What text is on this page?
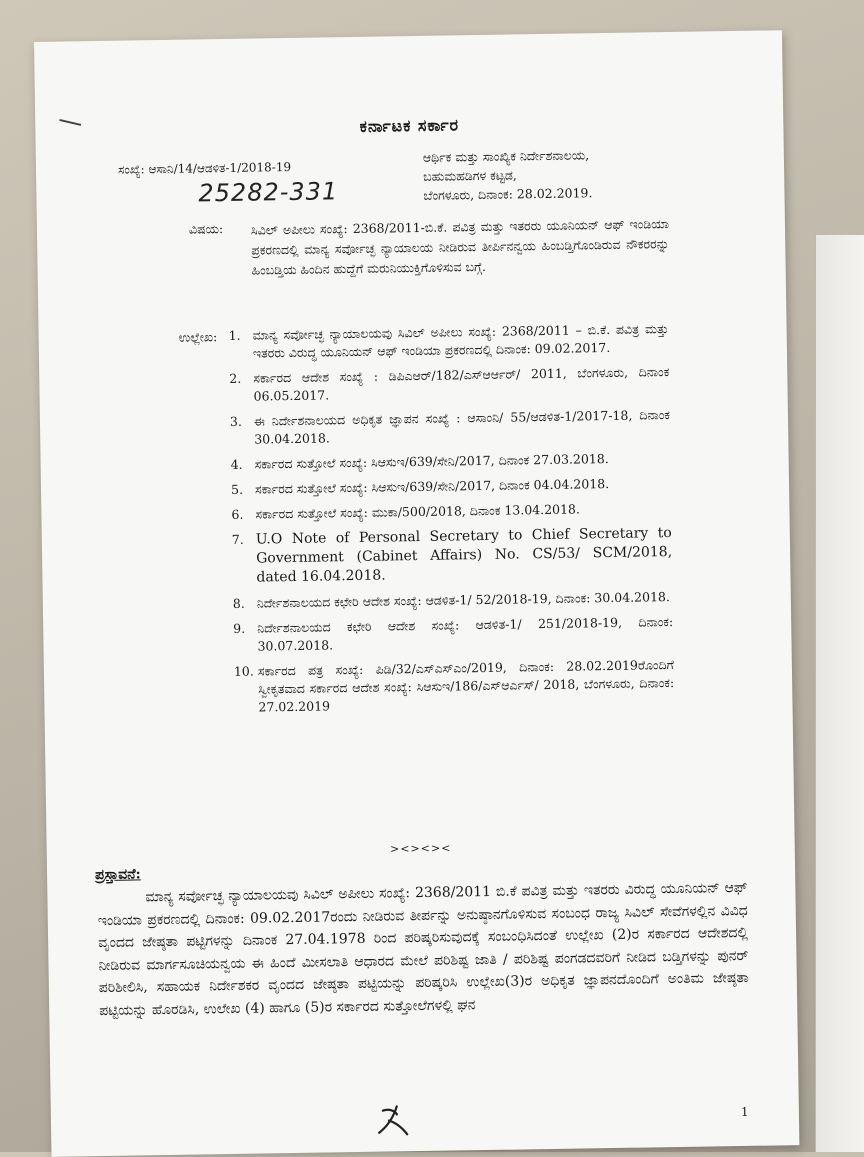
ಕರ್ನಾಟಕ ಸರ್ಕಾರ
ಸಂಖ್ಯೆ: ಆಸಾನಿ/14/ಆಡಳಿತ-1/2018-19
25282-331
ಆರ್ಥಿಕ ಮತ್ತು ಸಾಂಖ್ಯಿಕ ನಿರ್ದೇಶನಾಲಯ,
ಬಹುಮಹಡಿಗಳ ಕಟ್ಟಡ,
ಬೆಂಗಳೂರು, ದಿನಾಂಕ: 28.02.2019.
ವಿಷಯ: ಸಿವಿಲ್ ಅಪೀಲು ಸಂಖ್ಯೆ: 2368/2011-ಬಿ.ಕೆ. ಪವಿತ್ರ ಮತ್ತು ಇತರರು ಯೂನಿಯನ್ ಆಫ್ ಇಂಡಿಯಾ ಪ್ರಕರಣದಲ್ಲಿ ಮಾನ್ಯ ಸರ್ವೋಚ್ಛ ನ್ಯಾಯಾಲಯ ನೀಡಿರುವ ತೀರ್ಪಿನನ್ವಯ ಹಿಂಬಡ್ತಿಗೊಂಡಿರುವ ನೌಕರರನ್ನು ಹಿಂಬಡ್ತಿಯ ಹಿಂದಿನ ಹುದ್ದೆಗೆ ಮರುನಿಯುಕ್ತಿಗೊಳಿಸುವ ಬಗ್ಗೆ.
ಉಲ್ಲೇಖ: 1. ಮಾನ್ಯ ಸರ್ವೋಚ್ಛ ನ್ಯಾಯಾಲಯವು ಸಿವಿಲ್ ಅಪೀಲು ಸಂಖ್ಯೆ: 2368/2011 – ಬಿ.ಕೆ. ಪವಿತ್ರ ಮತ್ತು ಇತರರು ವಿರುದ್ಧ ಯೂನಿಯನ್ ಆಫ್ ಇಂಡಿಯಾ ಪ್ರಕರಣದಲ್ಲಿ ದಿನಾಂಕ: 09.02.2017.
2. ಸರ್ಕಾರದ ಆದೇಶ ಸಂಖ್ಯೆ : ಡಿಪಿಎಆರ್/182/ಎಸ್ಆರ್ಆರ್/ 2011, ಬೆಂಗಳೂರು, ದಿನಾಂಕ 06.05.2017.
3. ಈ ನಿರ್ದೇಶನಾಲಯದ ಅಧಿಕೃತ ಜ್ಞಾಪನ ಸಂಖ್ಯೆ : ಆಸಾಂನಿ/ 55/ಆಡಳಿತ-1/2017-18, ದಿನಾಂಕ 30.04.2018.
4. ಸರ್ಕಾರದ ಸುತ್ತೋಲೆ ಸಂಖ್ಯೆ: ಸಿಆಸುಇ/639/ಸೇನಿ/2017, ದಿನಾಂಕ 27.03.2018.
5. ಸರ್ಕಾರದ ಸುತ್ತೋಲೆ ಸಂಖ್ಯೆ: ಸಿಆಸುಇ/639/ಸೇನಿ/2017, ದಿನಾಂಕ 04.04.2018.
6. ಸರ್ಕಾರದ ಸುತ್ತೋಲೆ ಸಂಖ್ಯೆ: ಮುಕಾ/500/2018, ದಿನಾಂಕ 13.04.2018.
7. U.O Note of Personal Secretary to Chief Secretary to Government (Cabinet Affairs) No. CS/53/ SCM/2018, dated 16.04.2018.
8. ನಿರ್ದೇಶನಾಲಯದ ಕಛೇರಿ ಆದೇಶ ಸಂಖ್ಯೆ: ಆಡಳಿತ-1/ 52/2018-19, ದಿನಾಂಕ: 30.04.2018.
9. ನಿರ್ದೇಶನಾಲಯದ ಕಛೇರಿ ಆದೇಶ ಸಂಖ್ಯೆ: ಆಡಳಿತ-1/ 251/2018-19, ದಿನಾಂಕ: 30.07.2018.
10. ಸರ್ಕಾರದ ಪತ್ರ ಸಂಖ್ಯೆ: ಪಿಡಿ/32/ಎಸ್ಎಸ್ಎಂ/2019, ದಿನಾಂಕ: 28.02.2019ರೊಂದಿಗೆ ಸ್ವೀಕೃತವಾದ ಸರ್ಕಾರದ ಆದೇಶ ಸಂಖ್ಯೆ: ಸಿಆಸುಇ/186/ಎಸ್ಆರ್ಎಸ್/ 2018, ಬೆಂಗಳೂರು, ದಿನಾಂಕ: 27.02.2019
><><><
ಪ್ರಸ್ತಾವನೆ:
ಮಾನ್ಯ ಸರ್ವೋಚ್ಛ ನ್ಯಾಯಾಲಯವು ಸಿವಿಲ್ ಅಪೀಲು ಸಂಖ್ಯೆ: 2368/2011 ಬಿ.ಕೆ ಪವಿತ್ರ ಮತ್ತು ಇತರರು ವಿರುದ್ಧ ಯೂನಿಯನ್ ಆಫ್ ಇಂಡಿಯಾ ಪ್ರಕರಣದಲ್ಲಿ ದಿನಾಂಕ: 09.02.2017ರಂದು ನೀಡಿರುವ ತೀರ್ಪನ್ನು ಅನುಷ್ಠಾನಗೊಳಿಸುವ ಸಂಬಂಧ ರಾಜ್ಯ ಸಿವಿಲ್ ಸೇವೆಗಳಲ್ಲಿನ ವಿವಿಧ ವೃಂದದ ಜೇಷ್ಠತಾ ಪಟ್ಟಿಗಳನ್ನು ದಿನಾಂಕ 27.04.1978 ರಿಂದ ಪರಿಷ್ಕರಿಸುವುದಕ್ಕೆ ಸಂಬಂಧಿಸಿದಂತೆ ಉಲ್ಲೇಖ (2)ರ ಸರ್ಕಾರದ ಆದೇಶದಲ್ಲಿ ನೀಡಿರುವ ಮಾರ್ಗಸೂಚಿಯನ್ವಯ ಈ ಹಿಂದೆ ಮೀಸಲಾತಿ ಆಧಾರದ ಮೇಲೆ ಪರಿಶಿಷ್ಟ ಜಾತಿ / ಪರಿಶಿಷ್ಟ ಪಂಗಡದವರಿಗೆ ನೀಡಿದ ಬಡ್ತಿಗಳನ್ನು ಪುನರ್ ಪರಿಶೀಲಿಸಿ, ಸಹಾಯಕ ನಿರ್ದೇಶಕರ ವೃಂದದ ಜೇಷ್ಠತಾ ಪಟ್ಟಿಯನ್ನು ಪರಿಷ್ಕರಿಸಿ ಉಲ್ಲೇಖ(3)ರ ಅಧಿಕೃತ ಜ್ಞಾಪನದೊಂದಿಗೆ ಅಂತಿಮ ಜೇಷ್ಠತಾ ಪಟ್ಟಿಯನ್ನು ಹೊರಡಿಸಿ, ಉಲೇಖ (4) ಹಾಗೂ (5)ರ ಸರ್ಕಾರದ ಸುತ್ತೋಲೆಗಳಲ್ಲಿ ಘನ
1
